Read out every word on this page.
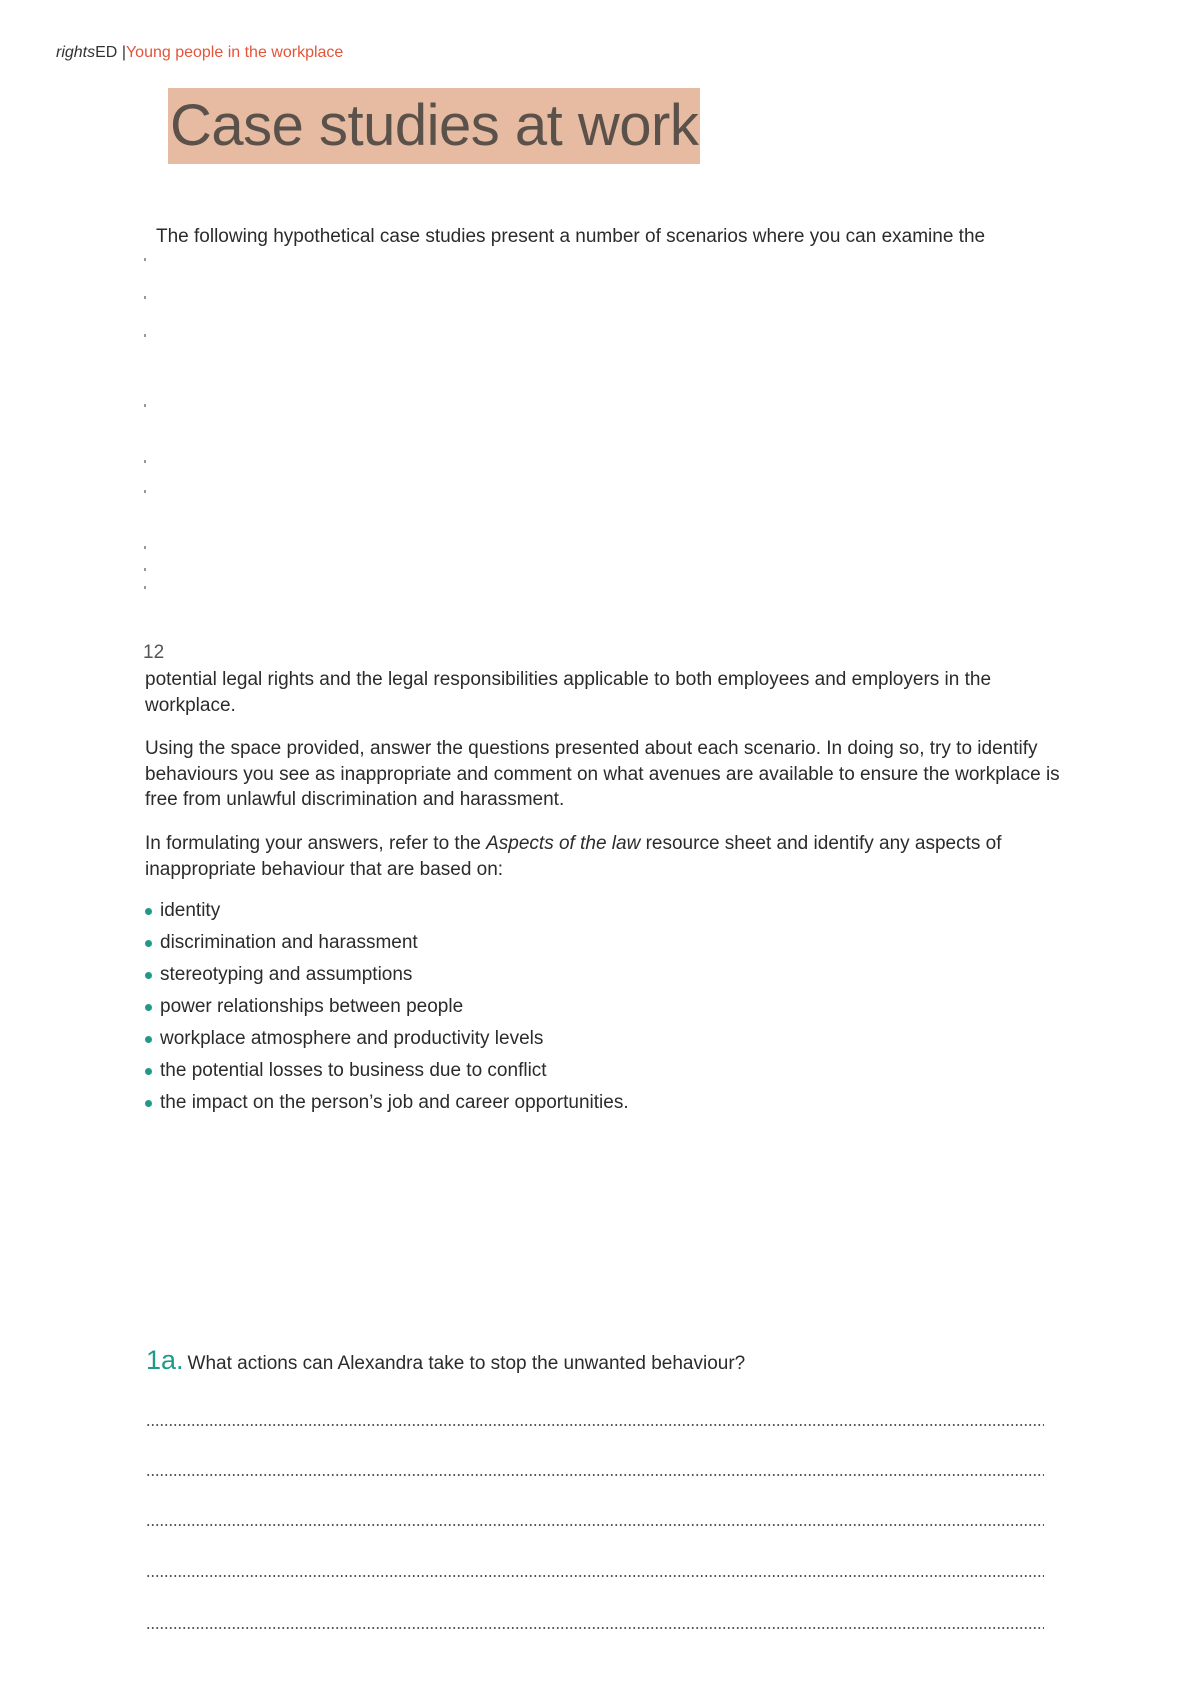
rightsED |Young people in the workplace
Case studies at work
The following hypothetical case studies present a number of scenarios where you can examine the
12
potential legal rights and the legal responsibilities applicable to both employees and employers in the workplace.
Using the space provided, answer the questions presented about each scenario. In doing so, try to identify behaviours you see as inappropriate and comment on what avenues are available to ensure the workplace is free from unlawful discrimination and harassment.
In formulating your answers, refer to the Aspects of the law resource sheet and identify any aspects of inappropriate behaviour that are based on:
identity
discrimination and harassment
stereotyping and assumptions
power relationships between people
workplace atmosphere and productivity levels
the potential losses to business due to conflict
the impact on the person’s job and career opportunities.
1a. What actions can Alexandra take to stop the unwanted behaviour?
